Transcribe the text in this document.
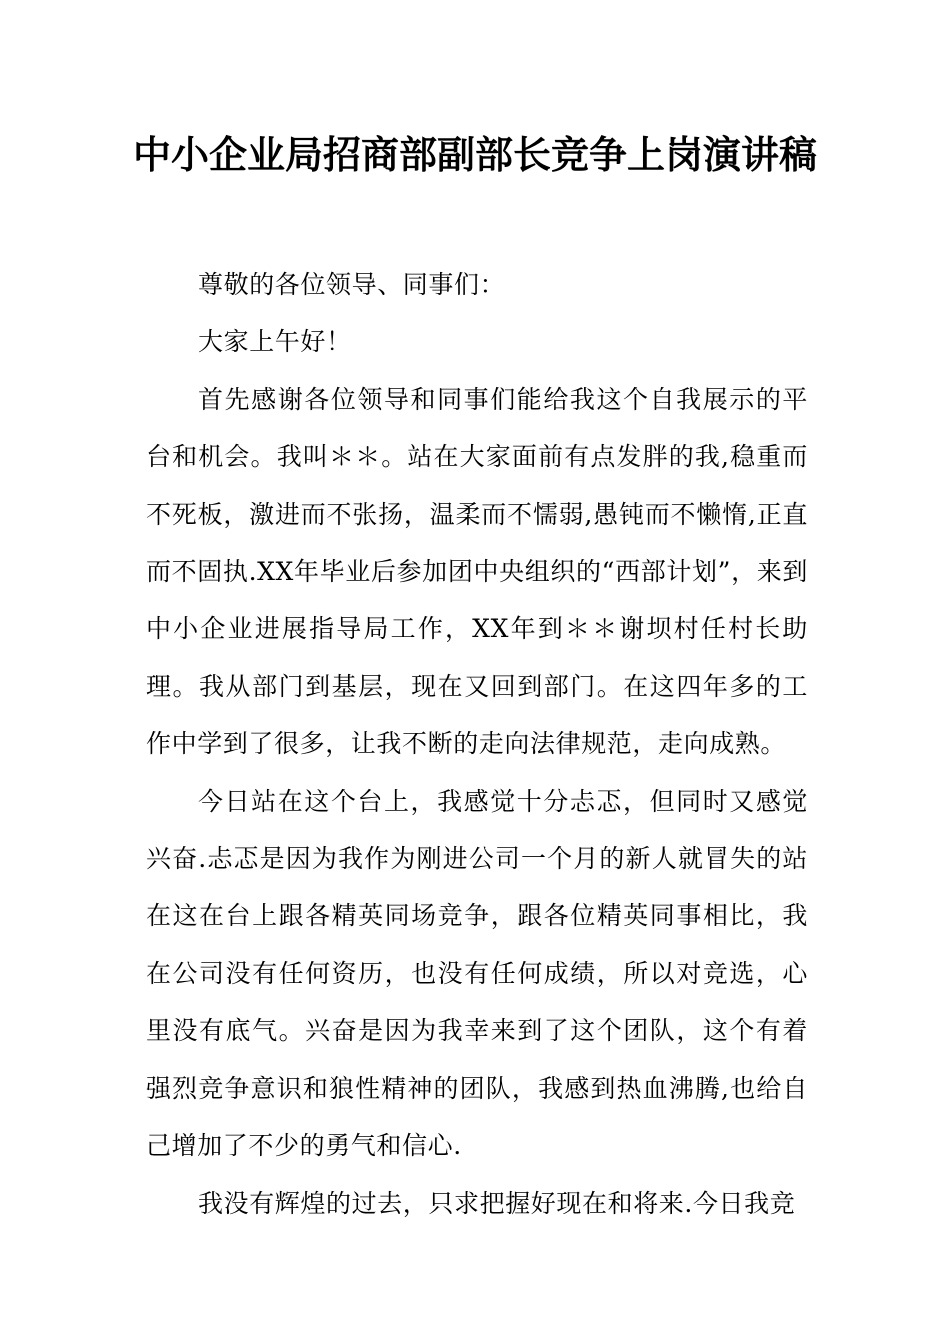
中小企业局招商部副部长竞争上岗演讲稿

尊敬的各位领导、同事们：

大家上午好！

首先感谢各位领导和同事们能给我这个自我展示的平台和机会。我叫＊＊。站在大家面前有点发胖的我,稳重而不死板，激进而不张扬，温柔而不懦弱,愚钝而不懒惰,正直而不固执.XX年毕业后参加团中央组织的“西部计划”，来到中小企业进展指导局工作，XX年到＊＊谢坝村任村长助理。我从部门到基层，现在又回到部门。在这四年多的工作中学到了很多，让我不断的走向法律规范，走向成熟。

今日站在这个台上，我感觉十分忐忑，但同时又感觉兴奋.忐忑是因为我作为刚进公司一个月的新人就冒失的站在这在台上跟各精英同场竞争，跟各位精英同事相比，我在公司没有任何资历，也没有任何成绩，所以对竞选，心里没有底气。兴奋是因为我幸来到了这个团队，这个有着强烈竞争意识和狼性精神的团队，我感到热血沸腾,也给自己增加了不少的勇气和信心.

我没有辉煌的过去，只求把握好现在和将来.今日我竞
